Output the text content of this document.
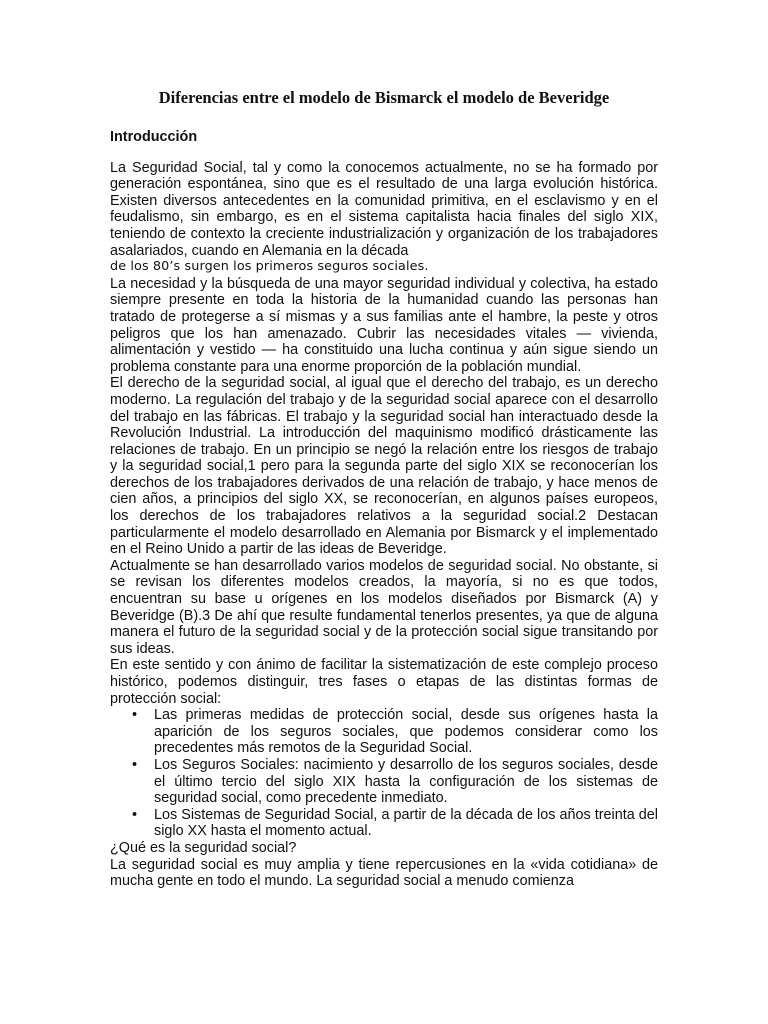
Diferencias entre el modelo de Bismarck el modelo de Beveridge
Introducción

La Seguridad Social, tal y como la conocemos actualmente, no se ha formado por generación espontánea, sino que es el resultado de una larga evolución histórica. Existen diversos antecedentes en la comunidad primitiva, en el esclavismo y en el feudalismo, sin embargo, es en el sistema capitalista hacia finales del siglo XIX, teniendo de contexto la creciente industrialización y organización de los trabajadores asalariados, cuando en Alemania en la década
de los 80’s surgen los primeros seguros sociales.

La necesidad y la búsqueda de una mayor seguridad individual y colectiva, ha estado siempre presente en toda la historia de la humanidad cuando las personas han tratado de protegerse a sí mismas y a sus familias ante el hambre, la peste y otros peligros que los han amenazado. Cubrir las necesidades vitales — vivienda, alimentación y vestido — ha constituido una lucha continua y aún sigue siendo un problema constante para una enorme proporción de la población mundial.

El derecho de la seguridad social, al igual que el derecho del trabajo, es un derecho moderno. La regulación del trabajo y de la seguridad social aparece con el desarrollo del trabajo en las fábricas. El trabajo y la seguridad social han interactuado desde la Revolución Industrial. La introducción del maquinismo modificó drásticamente las relaciones de trabajo. En un principio se negó la relación entre los riesgos de trabajo y la seguridad social,1 pero para la segunda parte del siglo XIX se reconocerían los derechos de los trabajadores derivados de una relación de trabajo, y hace menos de cien años, a principios del siglo XX, se reconocerían, en algunos países europeos, los derechos de los trabajadores relativos a la seguridad social.2 Destacan particularmente el modelo desarrollado en Alemania por Bismarck y el implementado en el Reino Unido a partir de las ideas de Beveridge.

Actualmente se han desarrollado varios modelos de seguridad social. No obstante, si se revisan los diferentes modelos creados, la mayoría, si no es que todos, encuentran su base u orígenes en los modelos diseñados por Bismarck (A) y Beveridge (B).3 De ahí que resulte fundamental tenerlos presentes, ya que de alguna manera el futuro de la seguridad social y de la protección social sigue transitando por sus ideas.

En este sentido y con ánimo de facilitar la sistematización de este complejo proceso histórico, podemos distinguir, tres fases o etapas de las distintas formas de protección social:

• Las primeras medidas de protección social, desde sus orígenes hasta la aparición de los seguros sociales, que podemos considerar como los precedentes más remotos de la Seguridad Social.
• Los Seguros Sociales: nacimiento y desarrollo de los seguros sociales, desde el último tercio del siglo XIX hasta la configuración de los sistemas de seguridad social, como precedente inmediato.
• Los Sistemas de Seguridad Social, a partir de la década de los años treinta del siglo XX hasta el momento actual.
¿Qué es la seguridad social?

La seguridad social es muy amplia y tiene repercusiones en la «vida cotidiana» de mucha gente en todo el mundo. La seguridad social a menudo comienza
